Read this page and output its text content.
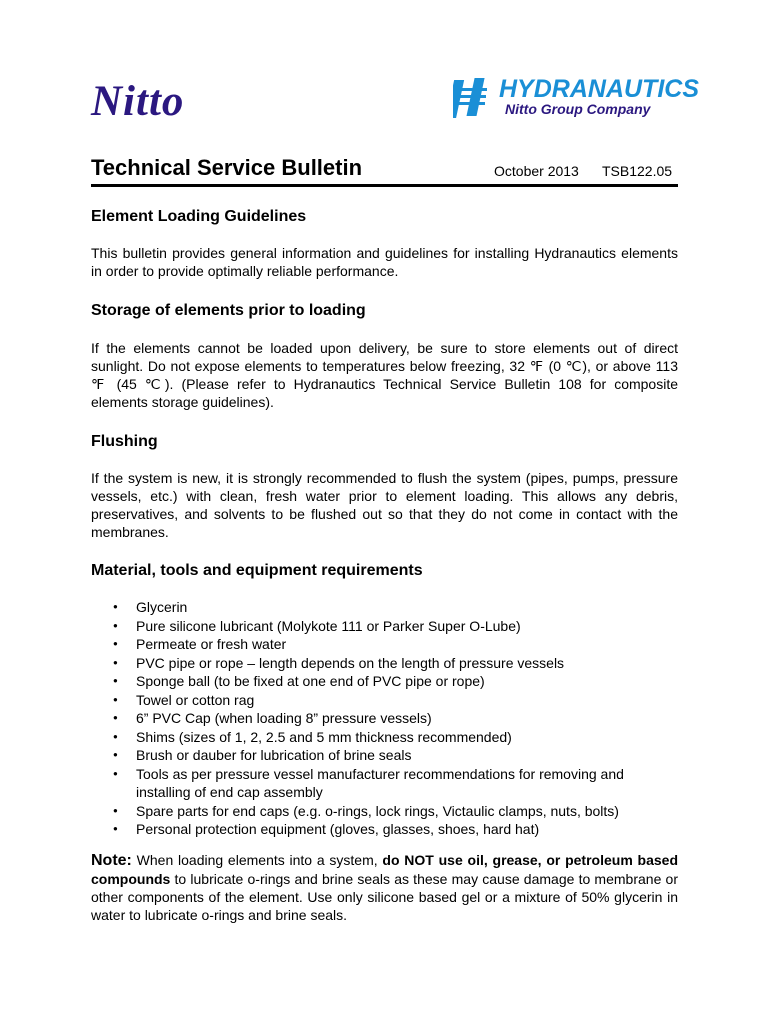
Nitto	HYDRANAUTICS
Nitto Group Company
Technical Service Bulletin	October 2013 TSB122.05
Element Loading Guidelines

This bulletin provides general information and guidelines for installing Hydranautics elements in order to provide optimally reliable performance.

Storage of elements prior to loading

If the elements cannot be loaded upon delivery, be sure to store elements out of direct sunlight. Do not expose elements to temperatures below freezing, 32 ℉ (0 ℃), or above 113 ℉ (45 ℃). (Please refer to Hydranautics Technical Service Bulletin 108 for composite elements storage guidelines).

Flushing

If the system is new, it is strongly recommended to flush the system (pipes, pumps, pressure vessels, etc.) with clean, fresh water prior to element loading. This allows any debris, preservatives, and solvents to be flushed out so that they do not come in contact with the membranes.

Material, tools and equipment requirements
● Glycerin
● Pure silicone lubricant (Molykote 111 or Parker Super O-Lube)
● Permeate or fresh water
● PVC pipe or rope – length depends on the length of pressure vessels
● Sponge ball (to be fixed at one end of PVC pipe or rope)
● Towel or cotton rag
● 6” PVC Cap (when loading 8” pressure vessels)
● Shims (sizes of 1, 2, 2.5 and 5 mm thickness recommended)
● Brush or dauber for lubrication of brine seals
● Tools as per pressure vessel manufacturer recommendations for removing and installing of end cap assembly
● Spare parts for end caps (e.g. o-rings, lock rings, Victaulic clamps, nuts, bolts)
● Personal protection equipment (gloves, glasses, shoes, hard hat)

Note: When loading elements into a system, do NOT use oil, grease, or petroleum based compounds to lubricate o-rings and brine seals as these may cause damage to membrane or other components of the element. Use only silicone based gel or a mixture of 50% glycerin in water to lubricate o-rings and brine seals.
